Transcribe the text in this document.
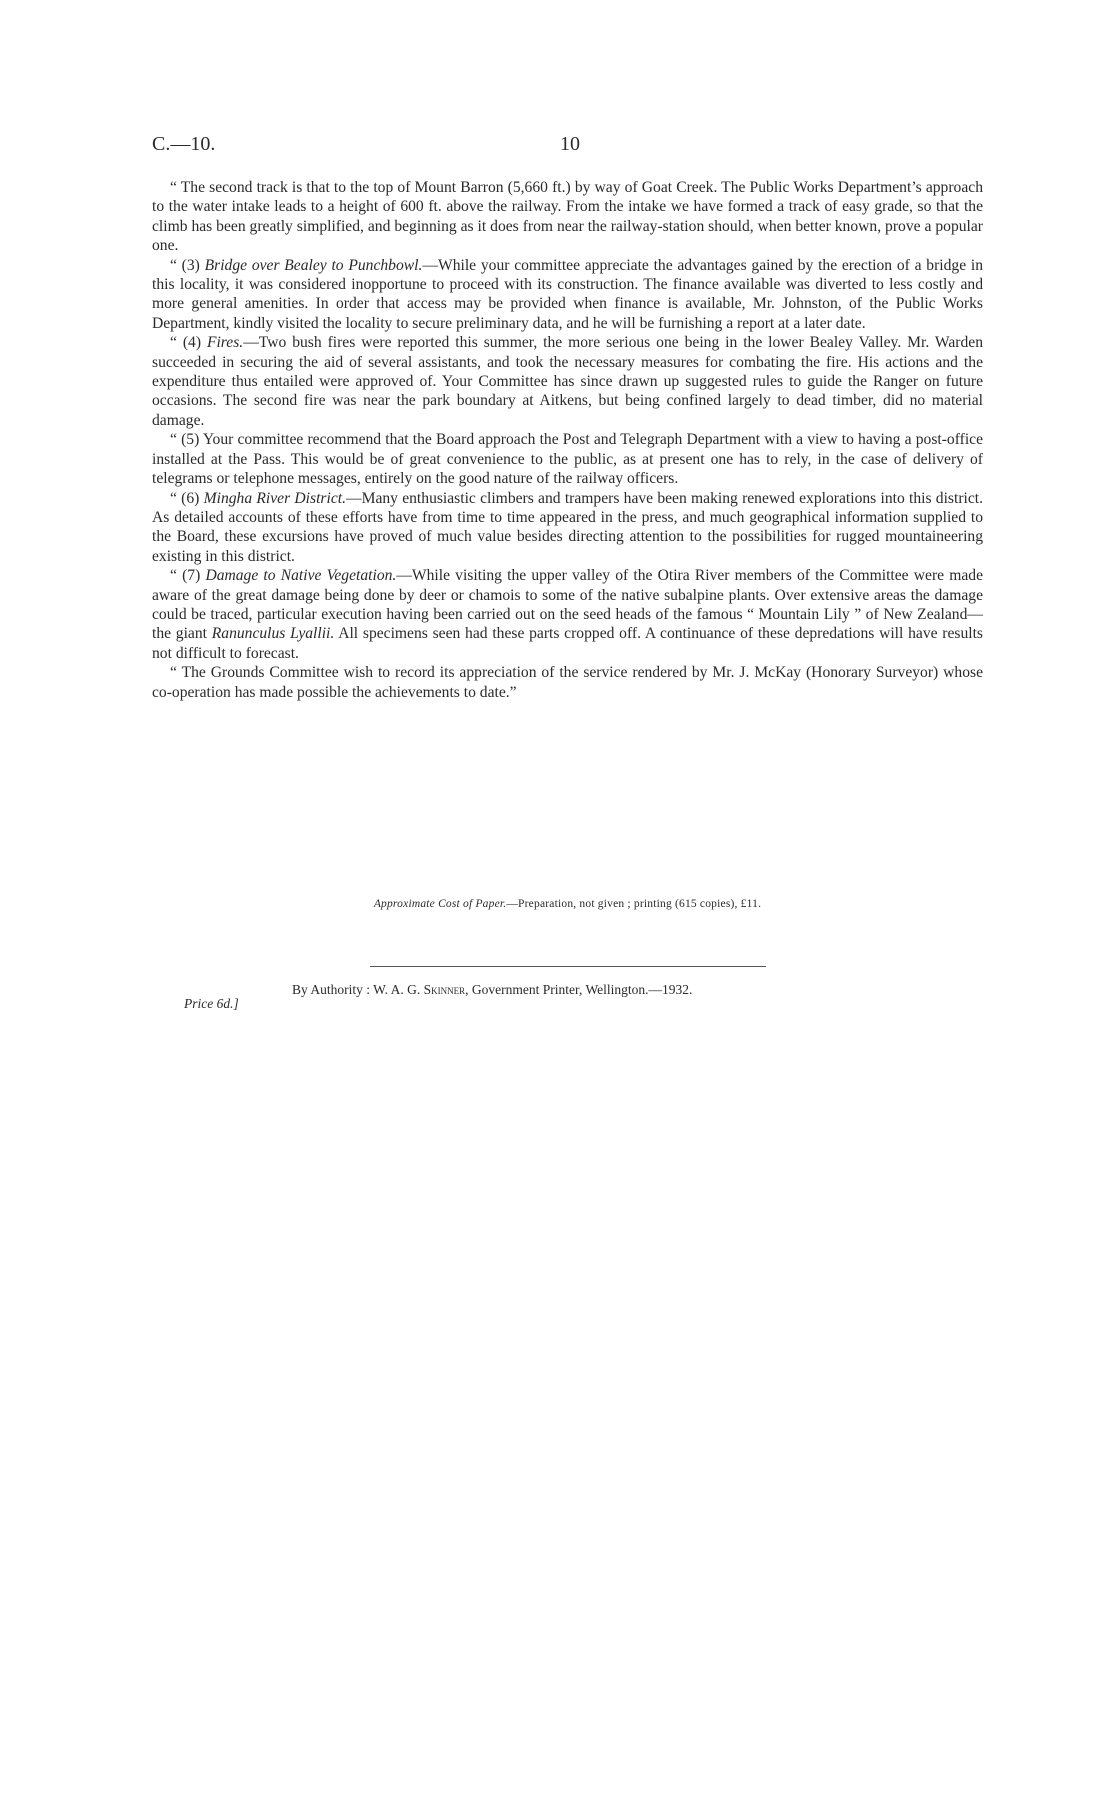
C.—10.	10

“ The second track is that to the top of Mount Barron (5,660 ft.) by way of Goat Creek. The Public Works Department’s approach to the water intake leads to a height of 600 ft. above the railway. From the intake we have formed a track of easy grade, so that the climb has been greatly simplified, and beginning as it does from near the railway-station should, when better known, prove a popular one.

“ (3) Bridge over Bealey to Punchbowl.—While your committee appreciate the advantages gained by the erection of a bridge in this locality, it was considered inopportune to proceed with its construction. The finance available was diverted to less costly and more general amenities. In order that access may be provided when finance is available, Mr. Johnston, of the Public Works Department, kindly visited the locality to secure preliminary data, and he will be furnishing a report at a later date.

“ (4) Fires.—Two bush fires were reported this summer, the more serious one being in the lower Bealey Valley. Mr. Warden succeeded in securing the aid of several assistants, and took the necessary measures for combating the fire. His actions and the expenditure thus entailed were approved of. Your Committee has since drawn up suggested rules to guide the Ranger on future occasions. The second fire was near the park boundary at Aitkens, but being confined largely to dead timber, did no material damage.

“ (5) Your committee recommend that the Board approach the Post and Telegraph Department with a view to having a post-office installed at the Pass. This would be of great convenience to the public, as at present one has to rely, in the case of delivery of telegrams or telephone messages, entirely on the good nature of the railway officers.

“ (6) Mingha River District.—Many enthusiastic climbers and trampers have been making renewed explorations into this district. As detailed accounts of these efforts have from time to time appeared in the press, and much geographical information supplied to the Board, these excursions have proved of much value besides directing attention to the possibilities for rugged mountaineering existing in this district.

“ (7) Damage to Native Vegetation.—While visiting the upper valley of the Otira River members of the Committee were made aware of the great damage being done by deer or chamois to some of the native subalpine plants. Over extensive areas the damage could be traced, particular execution having been carried out on the seed heads of the famous “ Mountain Lily ” of New Zealand— the giant Ranunculus Lyallii. All specimens seen had these parts cropped off. A continuance of these depredations will have results not difficult to forecast.

“ The Grounds Committee wish to record its appreciation of the service rendered by Mr. J. McKay (Honorary Surveyor) whose co-operation has made possible the achievements to date.”

Approximate Cost of Paper.—Preparation, not given ; printing (615 copies), £11.
By Authority : W. A. G. Skinner, Government Printer, Wellington.—1932.
Price 6d.]
